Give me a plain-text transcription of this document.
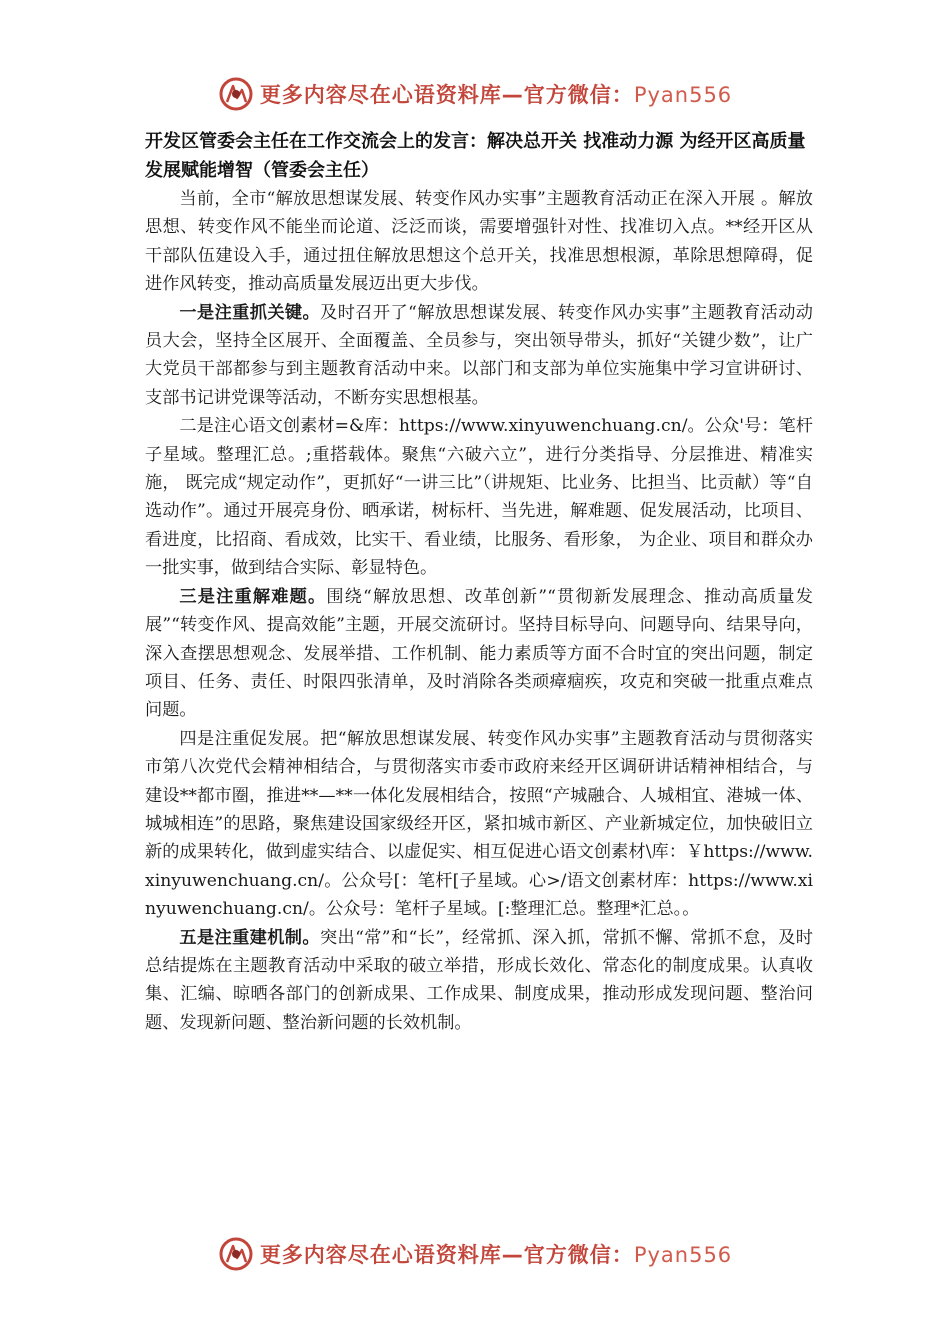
更多内容尽在心语资料库—官方微信：Pyan556

开发区管委会主任在工作交流会上的发言：解决总开关 找准动力源 为经开区高质量发展赋能增智（管委会主任）

当前，全市“解放思想谋发展、转变作风办实事”主题教育活动正在深入开展 。解放思想、转变作风不能坐而论道、泛泛而谈，需要增强针对性、找准切入点。**经开区从干部队伍建设入手，通过扭住解放思想这个总开关，找准思想根源，革除思想障碍，促进作风转变，推动高质量发展迈出更大步伐。

一是注重抓关键。及时召开了“解放思想谋发展、转变作风办实事”主题教育活动动员大会，坚持全区展开、全面覆盖、全员参与，突出领导带头，抓好“关键少数”，让广大党员干部都参与到主题教育活动中来。以部门和支部为单位实施集中学习宣讲研讨、支部书记讲党课等活动，不断夯实思想根基。

二是注心语文创素材=&库：https://www.xinyuwenchuang.cn/。公众'号：笔杆子星域。整理汇总。;重搭载体。聚焦“六破六立”，进行分类指导、分层推进、精准实施， 既完成“规定动作”，更抓好“一讲三比”（讲规矩、比业务、比担当、比贡献）等“自选动作”。通过开展亮身份、晒承诺，树标杆、当先进，解难题、促发展活动，比项目、看进度，比招商、看成效，比实干、看业绩，比服务、看形象， 为企业、项目和群众办一批实事，做到结合实际、彰显特色。

三是注重解难题。围绕“解放思想、改革创新”“贯彻新发展理念、推动高质量发展”“转变作风、提高效能”主题，开展交流研讨。坚持目标导向、问题导向、结果导向，深入查摆思想观念、发展举措、工作机制、能力素质等方面不合时宜的突出问题，制定项目、任务、责任、时限四张清单，及时消除各类顽瘴痼疾，攻克和突破一批重点难点问题。

四是注重促发展。把“解放思想谋发展、转变作风办实事”主题教育活动与贯彻落实市第八次党代会精神相结合，与贯彻落实市委市政府来经开区调研讲话精神相结合，与建设**都市圈，推进**—**一体化发展相结合，按照“产城融合、人城相宜、港城一体、城城相连”的思路，聚焦建设国家级经开区，紧扣城市新区、产业新城定位，加快破旧立新的成果转化，做到虚实结合、以虚促实、相互促进心语文创素材\库：￥https://www.xinyuwenchuang.cn/。公众号[：笔杆[子星域。心>/语文创素材库：https://www.xinyuwenchuang.cn/。公众号：笔杆子星域。[:整理汇总。整理*汇总。。

五是注重建机制。突出“常”和“长”，经常抓、深入抓，常抓不懈、常抓不怠，及时总结提炼在主题教育活动中采取的破立举措，形成长效化、常态化的制度成果。认真收集、汇编、晾晒各部门的创新成果、工作成果、制度成果，推动形成发现问题、整治问题、发现新问题、整治新问题的长效机制。

更多内容尽在心语资料库—官方微信：Pyan556
